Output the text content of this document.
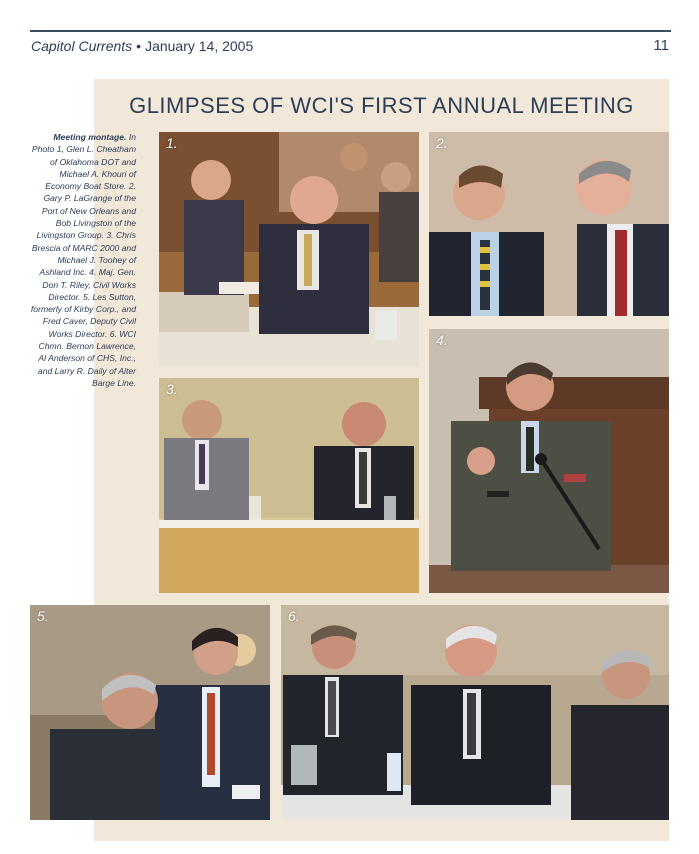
Capitol Currents • January 14, 2005	11
GLIMPSES OF WCI'S FIRST ANNUAL MEETING
Meeting montage. In Photo 1, Glen L. Cheatham of Oklahoma DOT and Michael A. Khouri of Economy Boat Store. 2. Gary P. LaGrange of the Port of New Orleans and Bob Livingston of the Livingston Group. 3. Chris Brescia of MARC 2000 and Michael J. Toohey of Ashland Inc. 4. Maj. Gen. Don T. Riley, Civil Works Director. 5. Les Sutton, formerly of Kirby Corp., and Fred Caver, Deputy Civil Works Director. 6. WCI Chmn. Bernon Lawrence, Al Anderson of CHS, Inc., and Larry R. Daily of Alter Barge Line.
1.	2.
3.
4.
5.	6.
